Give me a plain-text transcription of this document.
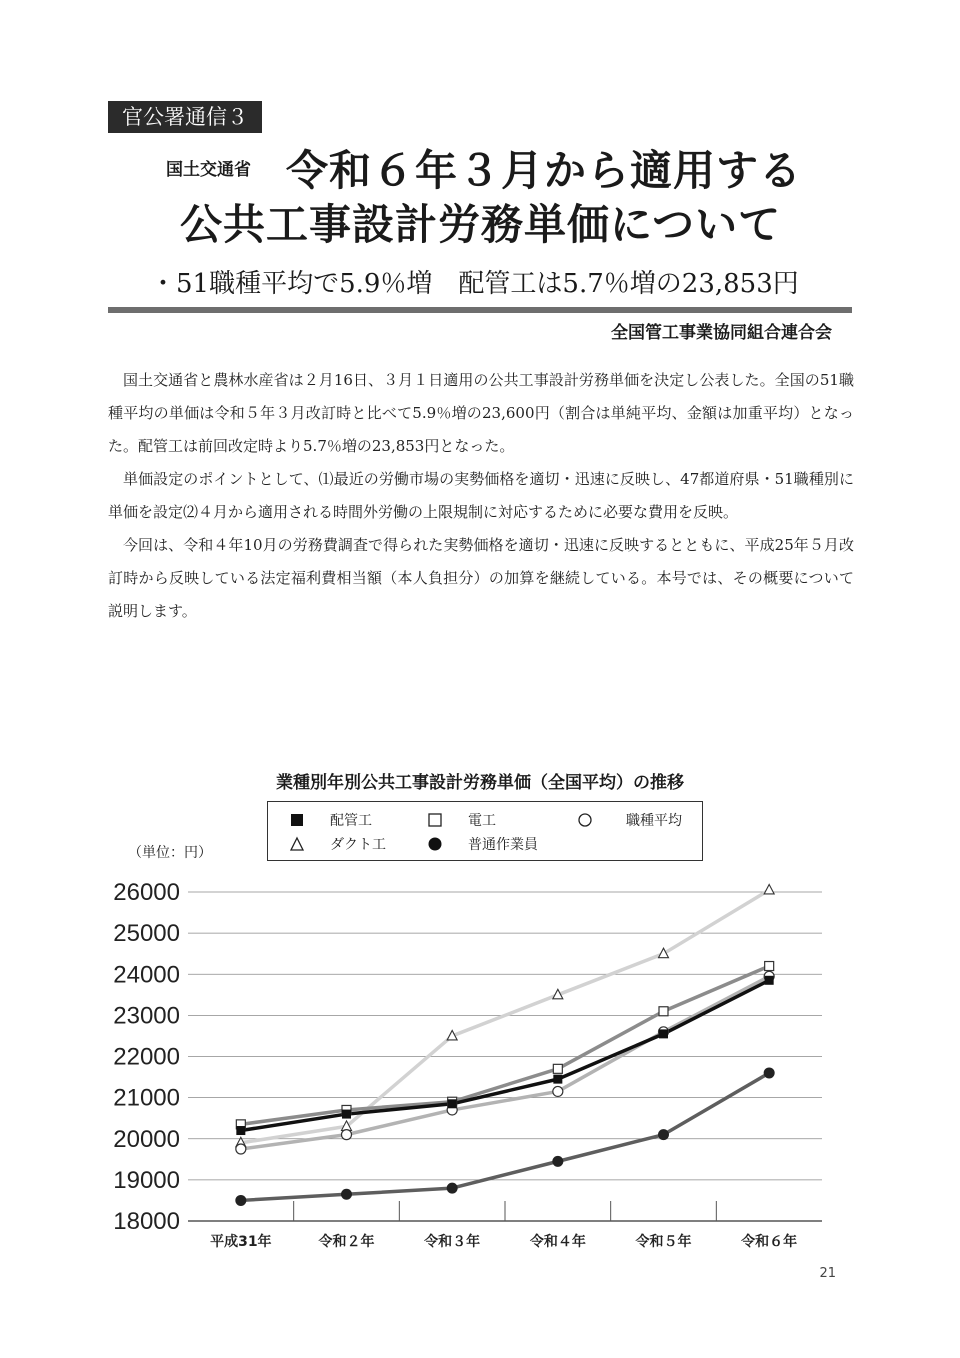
官公署通信３
国土交通省 令和６年３月から適用する
公共工事設計労務単価について
・51職種平均で5.9％増　配管工は5.7％増の23,853円
全国管工事業協同組合連合会

国土交通省と農林水産省は２月16日、３月１日適用の公共工事設計労務単価を決定し公表した。全国の51職種平均の単価は令和５年３月改訂時と比べて5.9％増の23,600円（割合は単純平均、金額は加重平均）となった。配管工は前回改定時より5.7％増の23,853円となった。

単価設定のポイントとして、⑴最近の労働市場の実勢価格を適切・迅速に反映し、47都道府県・51職種別に単価を設定⑵４月から適用される時間外労働の上限規制に対応するために必要な費用を反映。

今回は、令和４年10月の労務費調査で得られた実勢価格を適切・迅速に反映するとともに、平成25年５月改訂時から反映している法定福利費相当額（本人負担分）の加算を継続している。本号では、その概要について説明します。

業種別年別公共工事設計労務単価（全国平均）の推移
配管工	電工	職種平均
ダクト工	普通作業員
（単位：円）
18000
19000
20000
21000
22000
23000
24000
25000
26000
平成31年	令和２年	令和３年	令和４年	令和５年	令和６年
21
